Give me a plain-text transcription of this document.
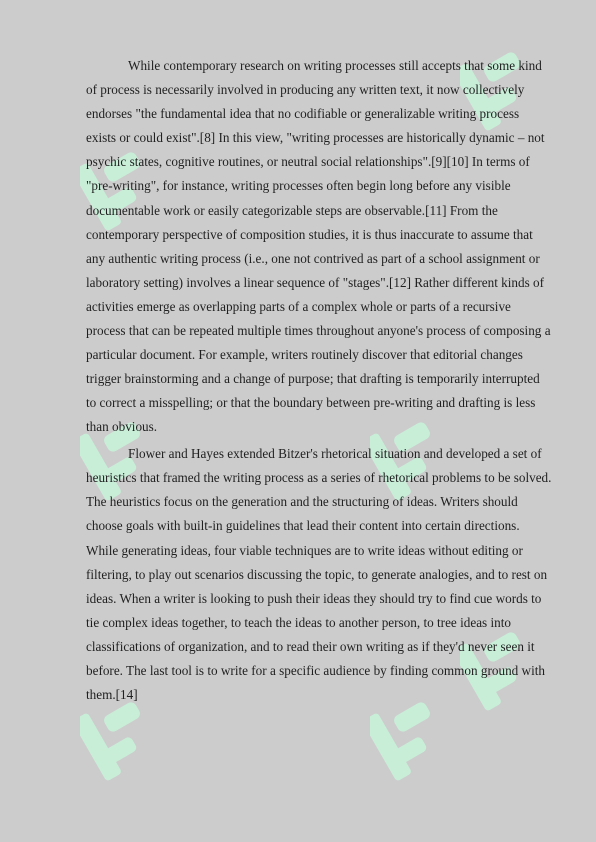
While contemporary research on writing processes still accepts that some kind of process is necessarily involved in producing any written text, it now collectively endorses "the fundamental idea that no codifiable or generalizable writing process exists or could exist".[8] In this view, "writing processes are historically dynamic – not psychic states, cognitive routines, or neutral social relationships".[9][10] In terms of "pre-writing", for instance, writing processes often begin long before any visible documentable work or easily categorizable steps are observable.[11] From the contemporary perspective of composition studies, it is thus inaccurate to assume that any authentic writing process (i.e., one not contrived as part of a school assignment or laboratory setting) involves a linear sequence of "stages".[12] Rather different kinds of activities emerge as overlapping parts of a complex whole or parts of a recursive process that can be repeated multiple times throughout anyone's process of composing a particular document. For example, writers routinely discover that editorial changes trigger brainstorming and a change of purpose; that drafting is temporarily interrupted to correct a misspelling; or that the boundary between pre-writing and drafting is less than obvious.

Flower and Hayes extended Bitzer's rhetorical situation and developed a set of heuristics that framed the writing process as a series of rhetorical problems to be solved. The heuristics focus on the generation and the structuring of ideas. Writers should choose goals with built-in guidelines that lead their content into certain directions. While generating ideas, four viable techniques are to write ideas without editing or filtering, to play out scenarios discussing the topic, to generate analogies, and to rest on ideas. When a writer is looking to push their ideas they should try to find cue words to tie complex ideas together, to teach the ideas to another person, to tree ideas into classifications of organization, and to read their own writing as if they'd never seen it before. The last tool is to write for a specific audience by finding common ground with them.[14]
